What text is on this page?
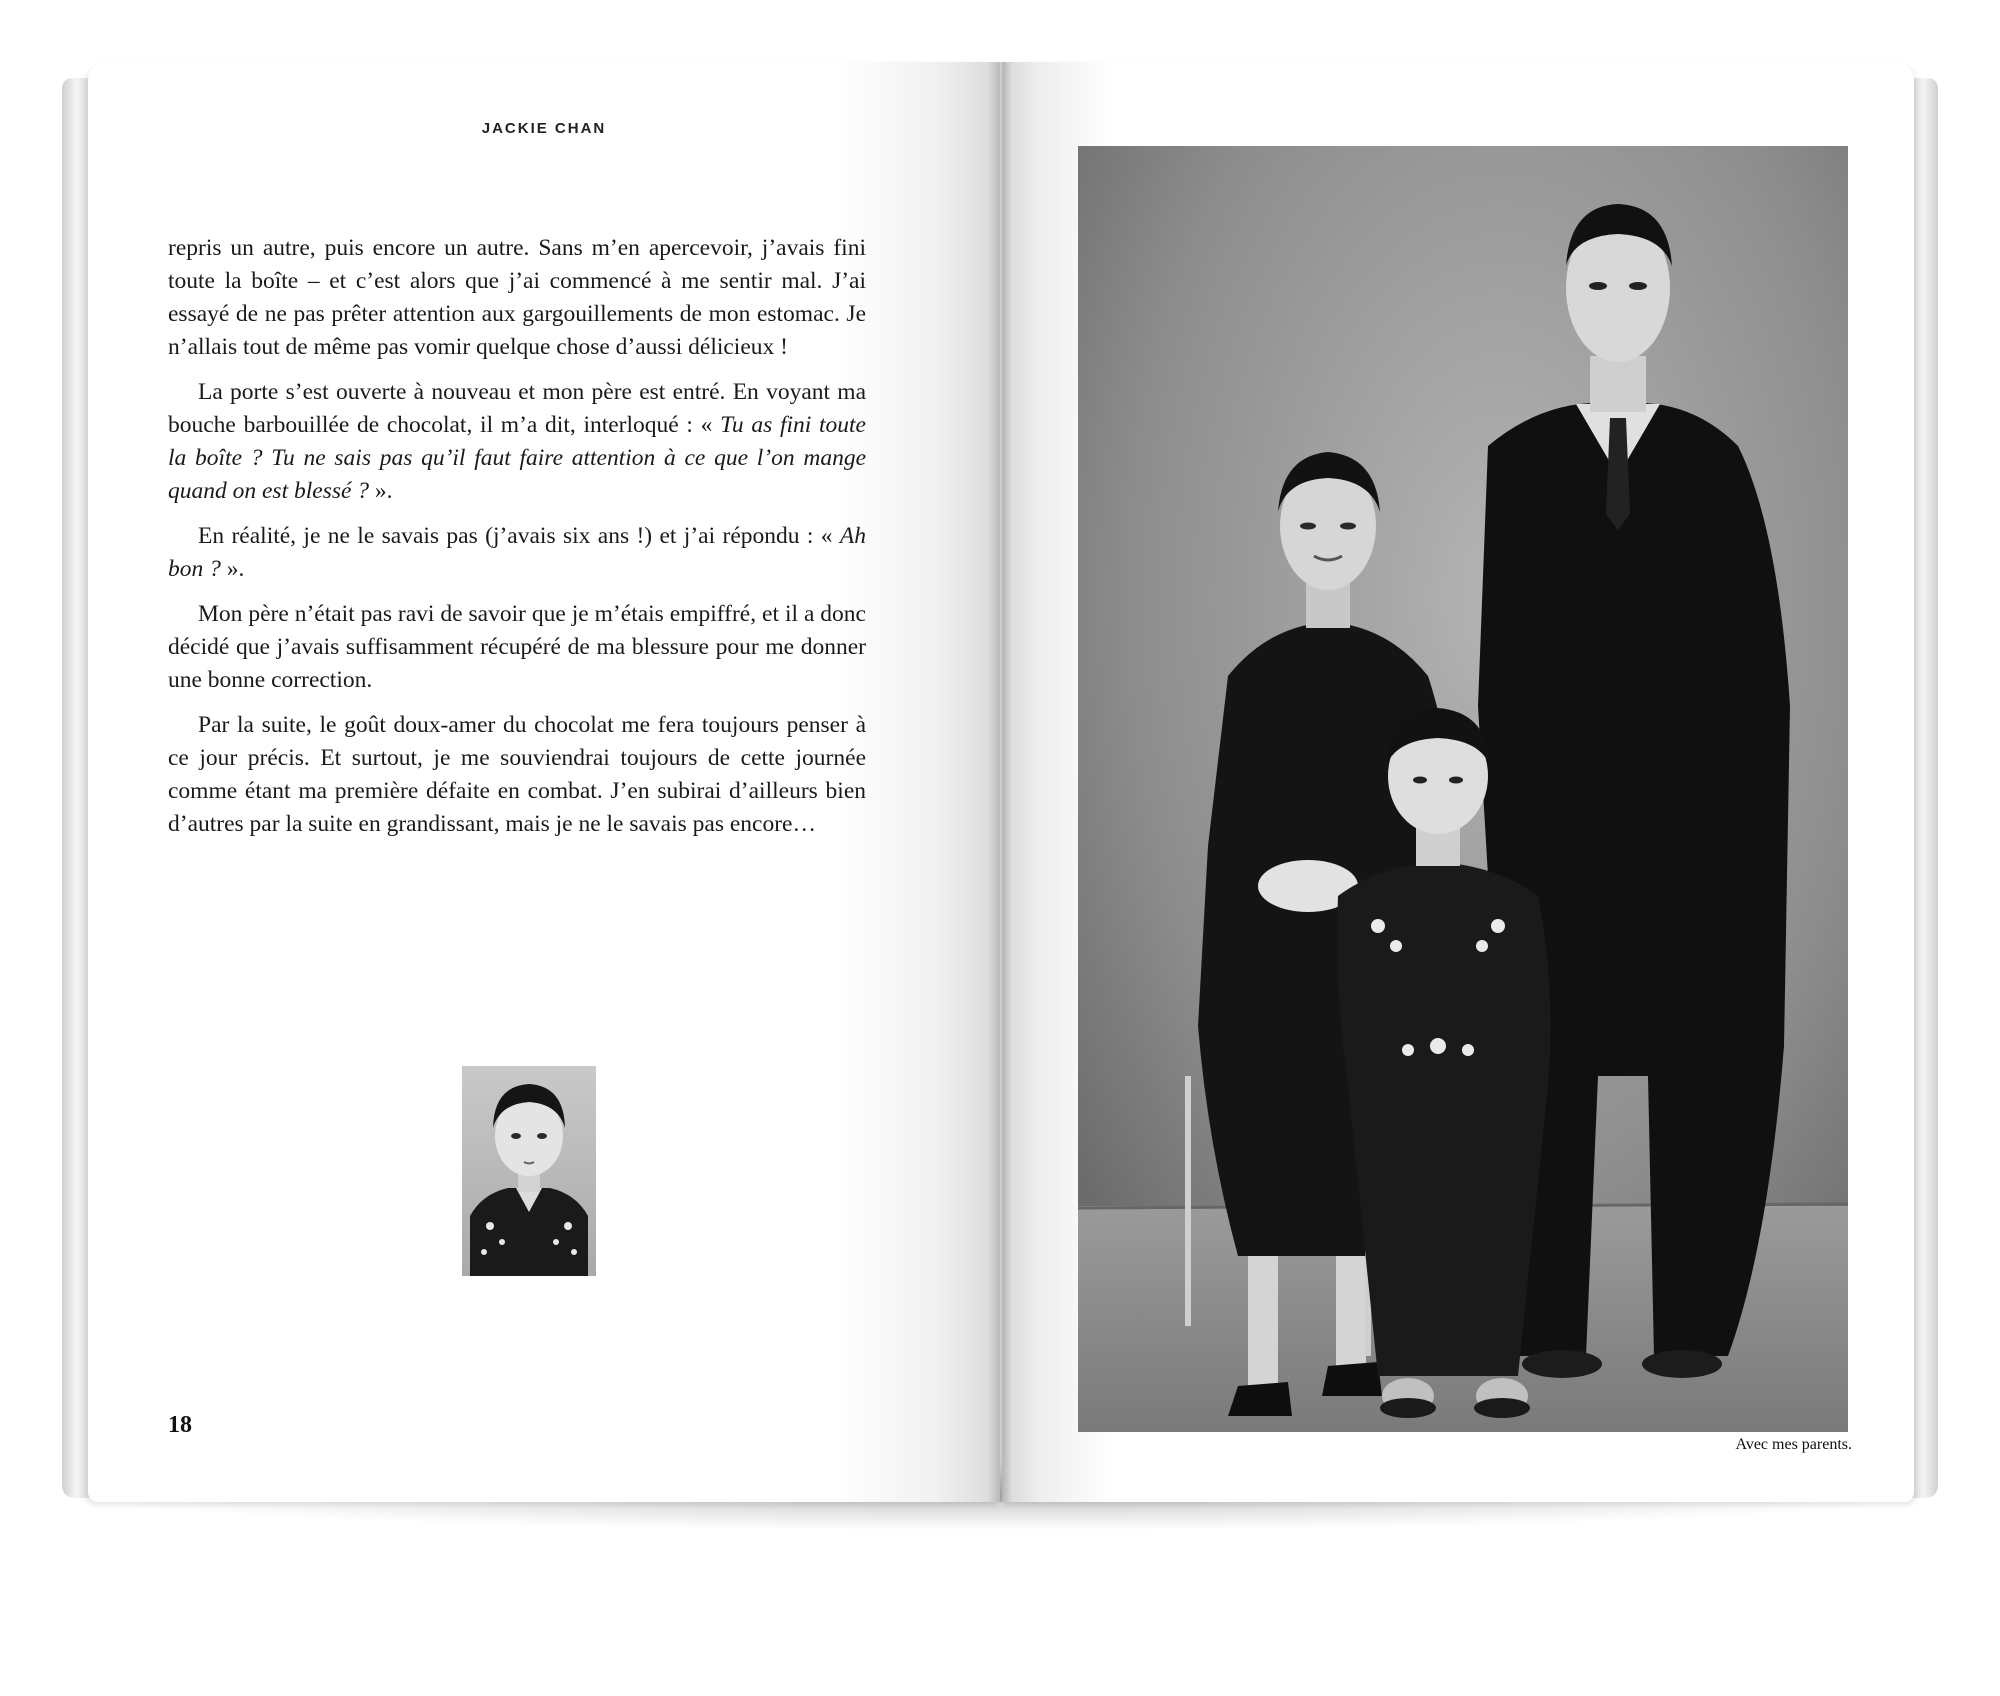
JACKIE CHAN

repris un autre, puis encore un autre. Sans m’en apercevoir, j’avais fini toute la boîte – et c’est alors que j’ai commencé à me sentir mal. J’ai essayé de ne pas prêter attention aux gargouillements de mon estomac. Je n’allais tout de même pas vomir quelque chose d’aussi délicieux !

La porte s’est ouverte à nouveau et mon père est entré. En voyant ma bouche barbouillée de chocolat, il m’a dit, interloqué : « Tu as fini toute la boîte ? Tu ne sais pas qu’il faut faire attention à ce que l’on mange quand on est blessé ? ».

En réalité, je ne le savais pas (j’avais six ans !) et j’ai répondu : « Ah bon ? ».

Mon père n’était pas ravi de savoir que je m’étais empiffré, et il a donc décidé que j’avais suffisamment récupéré de ma blessure pour me donner une bonne correction.

Par la suite, le goût doux-amer du chocolat me fera toujours penser à ce jour précis. Et surtout, je me souviendrai toujours de cette journée comme étant ma première défaite en combat. J’en subirai d’ailleurs bien d’autres par la suite en grandissant, mais je ne le savais pas encore…

18
Avec mes parents.
